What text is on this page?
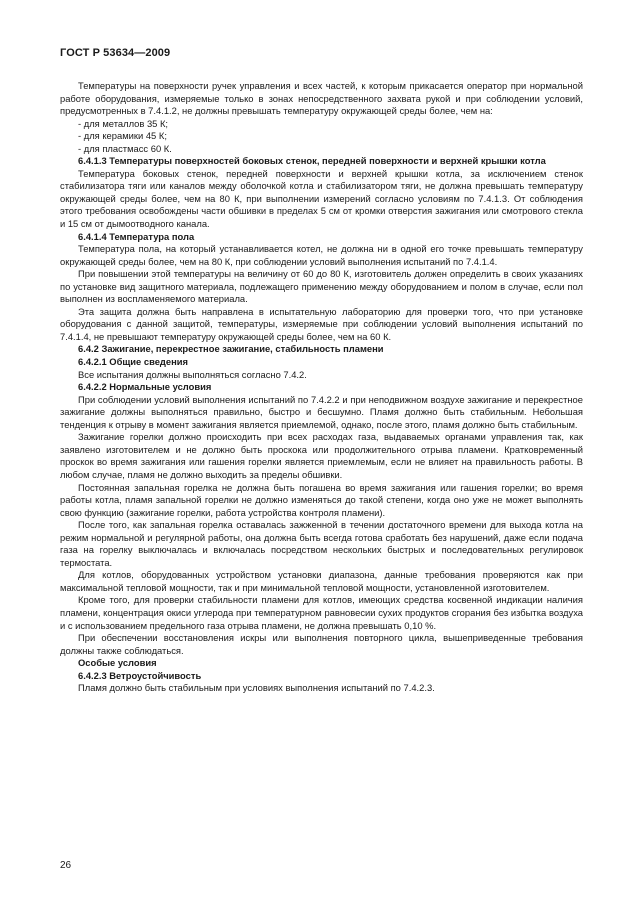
ГОСТ Р 53634—2009

Температуры на поверхности ручек управления и всех частей, к которым прикасается оператор при нормальной работе оборудования, измеряемые только в зонах непосредственного захвата рукой и при соблюдении условий, предусмотренных в 7.4.1.2, не должны превышать температуру окружающей среды более, чем на:

- для металлов 35 К;

- для керамики 45 К;

- для пластмасс 60 К.

6.4.1.3 Температуры поверхностей боковых стенок, передней поверхности и верхней крышки котла

Температура боковых стенок, передней поверхности и верхней крышки котла, за исключением стенок стабилизатора тяги или каналов между оболочкой котла и стабилизатором тяги, не должна превышать температуру окружающей среды более, чем на 80 К, при выполнении измерений согласно условиям по 7.4.1.3. От соблюдения этого требования освобождены части обшивки в пределах 5 см от кромки отверстия зажигания или смотрового стекла и 15 см от дымоотводного канала.

6.4.1.4 Температура пола

Температура пола, на который устанавливается котел, не должна ни в одной его точке превышать температуру окружающей среды более, чем на 80 К, при соблюдении условий выполнения испытаний по 7.4.1.4.

При повышении этой температуры на величину от 60 до 80 К, изготовитель должен определить в своих указаниях по установке вид защитного материала, подлежащего применению между оборудованием и полом в случае, если пол выполнен из воспламеняемого материала.

Эта защита должна быть направлена в испытательную лабораторию для проверки того, что при установке оборудования с данной защитой, температуры, измеряемые при соблюдении условий выполнения испытаний по 7.4.1.4, не превышают температуру окружающей среды более, чем на 60 К.

6.4.2 Зажигание, перекрестное зажигание, стабильность пламени

6.4.2.1 Общие сведения

Все испытания должны выполняться согласно 7.4.2.

6.4.2.2 Нормальные условия

При соблюдении условий выполнения испытаний по 7.4.2.2 и при неподвижном воздухе зажигание и перекрестное зажигание должны выполняться правильно, быстро и бесшумно. Пламя должно быть стабильным. Небольшая тенденция к отрыву в момент зажигания является приемлемой, однако, после этого, пламя должно быть стабильным.

Зажигание горелки должно происходить при всех расходах газа, выдаваемых органами управления так, как заявлено изготовителем и не должно быть проскока или продолжительного отрыва пламени. Кратковременный проскок во время зажигания или гашения горелки является приемлемым, если не влияет на правильность работы. В любом случае, пламя не должно выходить за пределы обшивки.

Постоянная запальная горелка не должна быть погашена во время зажигания или гашения горелки; во время работы котла, пламя запальной горелки не должно изменяться до такой степени, когда оно уже не может выполнять свою функцию (зажигание горелки, работа устройства контроля пламени).

После того, как запальная горелка оставалась зажженной в течении достаточного времени для выхода котла на режим нормальной и регулярной работы, она должна быть всегда готова сработать без нарушений, даже если подача газа на горелку выключалась и включалась посредством нескольких быстрых и последовательных регулировок термостата.

Для котлов, оборудованных устройством установки диапазона, данные требования проверяются как при максимальной тепловой мощности, так и при минимальной тепловой мощности, установленной изготовителем.

Кроме того, для проверки стабильности пламени для котлов, имеющих средства косвенной индикации наличия пламени, концентрация окиси углерода при температурном равновесии сухих продуктов сгорания без избытка воздуха и с использованием предельного газа отрыва пламени, не должна превышать 0,10 %.

При обеспечении восстановления искры или выполнения повторного цикла, вышеприведенные требования должны также соблюдаться.

Особые условия

6.4.2.3 Ветроустойчивость

Пламя должно быть стабильным при условиях выполнения испытаний по 7.4.2.3.

26
